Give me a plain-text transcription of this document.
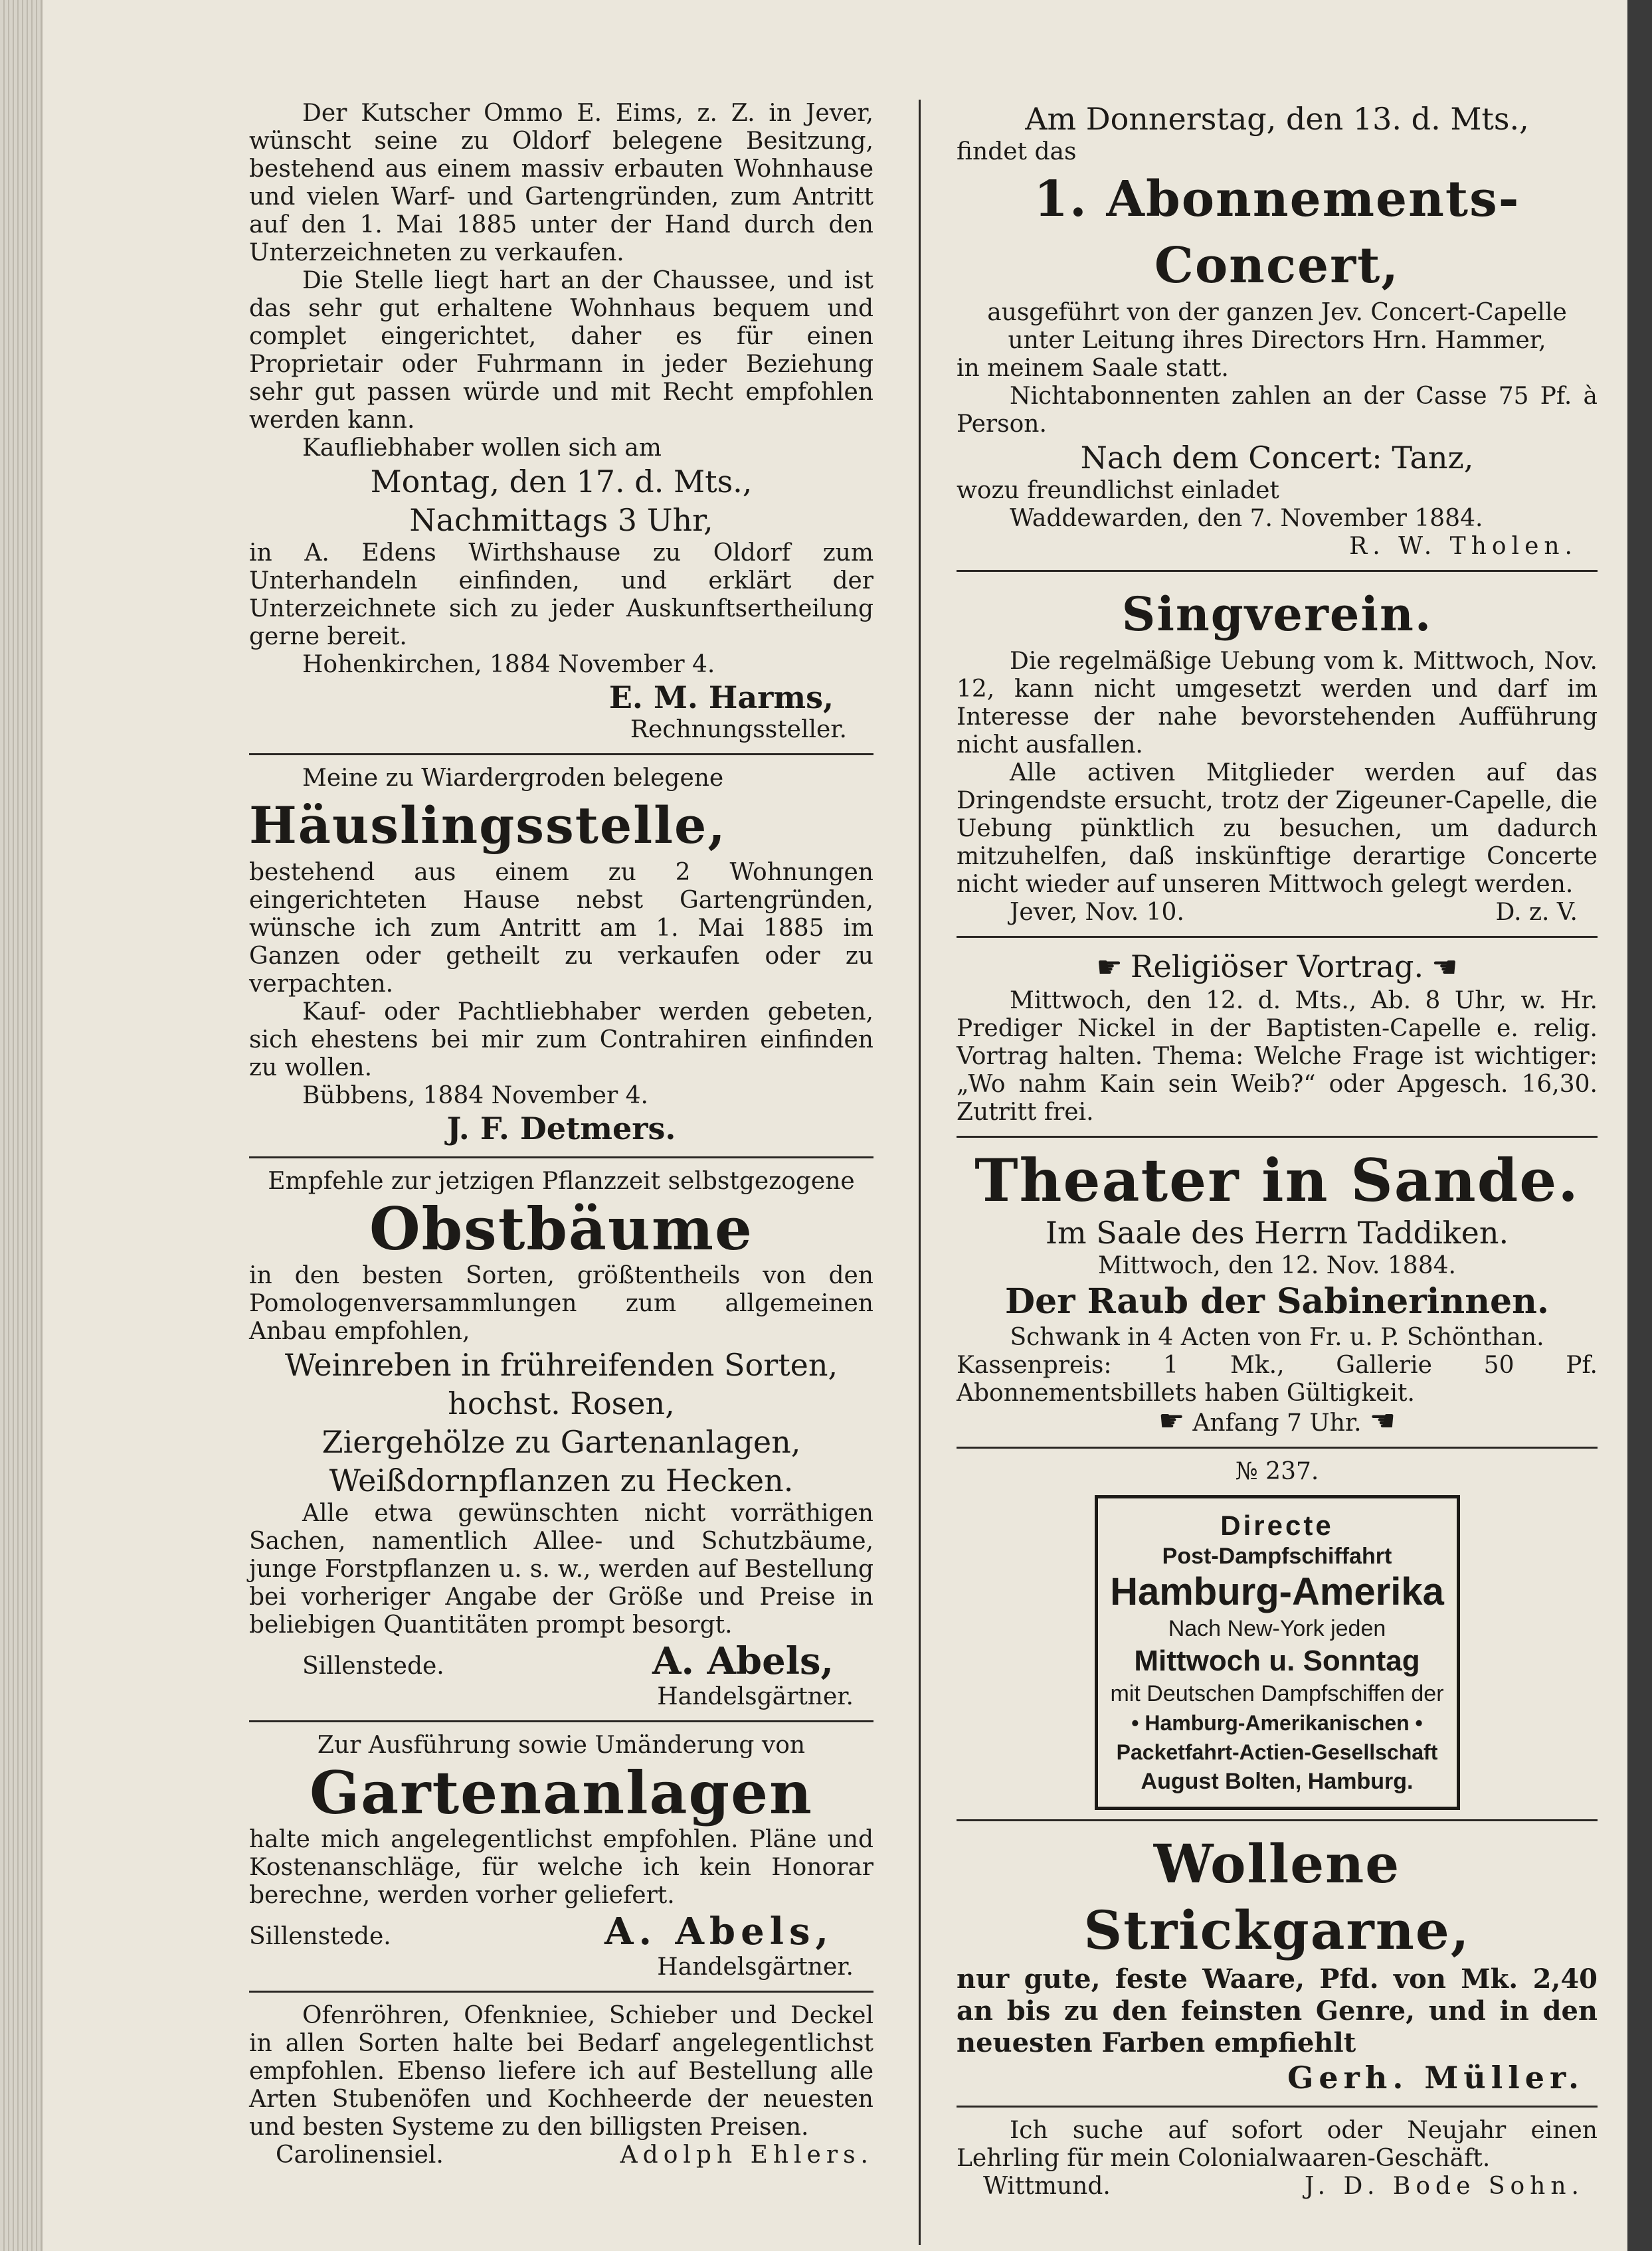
Der Kutscher Ommo E. Eims, z. Z. in Jever, wünscht seine zu Oldorf belegene Besitzung, bestehend aus einem massiv erbauten Wohnhause und vielen Warf- und Gartengründen, zum Antritt auf den 1. Mai 1885 unter der Hand durch den Unterzeichneten zu verkaufen.

Die Stelle liegt hart an der Chaussee, und ist das sehr gut erhaltene Wohnhaus bequem und complet eingerichtet, daher es für einen Proprietair oder Fuhrmann in jeder Beziehung sehr gut passen würde und mit Recht empfohlen werden kann.

Kaufliebhaber wollen sich am

Montag, den 17. d. Mts.,

Nachmittags 3 Uhr,

in A. Edens Wirthshause zu Oldorf zum Unterhandeln einfinden, und erklärt der Unterzeichnete sich zu jeder Auskunftsertheilung gerne bereit.

Hohenkirchen, 1884 November 4.

E. M. Harms,

Rechnungssteller.

Meine zu Wiardergroden belegene

Häuslingsstelle,

bestehend aus einem zu 2 Wohnungen eingerichteten Hause nebst Gartengründen, wünsche ich zum Antritt am 1. Mai 1885 im Ganzen oder getheilt zu verkaufen oder zu verpachten.

Kauf- oder Pachtliebhaber werden gebeten, sich ehestens bei mir zum Contrahiren einfinden zu wollen.

Bübbens, 1884 November 4.

J. F. Detmers.

Empfehle zur jetzigen Pflanzzeit selbstgezogene

Obstbäume

in den besten Sorten, größtentheils von den Pomologenversammlungen zum allgemeinen Anbau empfohlen,

Weinreben in frühreifenden Sorten,

hochst. Rosen,

Ziergehölze zu Gartenanlagen,

Weißdornpflanzen zu Hecken.

Alle etwa gewünschten nicht vorräthigen Sachen, namentlich Allee- und Schutzbäume, junge Forstpflanzen u. s. w., werden auf Bestellung bei vorheriger Angabe der Größe und Preise in beliebigen Quantitäten prompt besorgt.

Sillenstede.	A. Abels,

Handelsgärtner.

Zur Ausführung sowie Umänderung von

Gartenanlagen

halte mich angelegentlichst empfohlen. Pläne und Kostenanschläge, für welche ich kein Honorar berechne, werden vorher geliefert.

Sillenstede.	A. Abels,

Handelsgärtner.

Ofenröhren, Ofenkniee, Schieber und Deckel in allen Sorten halte bei Bedarf angelegentlichst empfohlen. Ebenso liefere ich auf Bestellung alle Arten Stubenöfen und Kochheerde der neuesten und besten Systeme zu den billigsten Preisen.

Carolinensiel.	Adolph Ehlers.

Am Donnerstag, den 13. d. Mts.,

findet das

1. Abonnements-Concert,

ausgeführt von der ganzen Jev. Concert-Capelle

unter Leitung ihres Directors Hrn. Hammer,

in meinem Saale statt.

Nichtabonnenten zahlen an der Casse 75 Pf. à Person.

Nach dem Concert: Tanz,

wozu freundlichst einladet

Waddewarden, den 7. November 1884.

R. W. Tholen.

Singverein.

Die regelmäßige Uebung vom k. Mittwoch, Nov. 12, kann nicht umgesetzt werden und darf im Interesse der nahe bevorstehenden Aufführung nicht ausfallen.

Alle activen Mitglieder werden auf das Dringendste ersucht, trotz der Zigeuner-Capelle, die Uebung pünktlich zu besuchen, um dadurch mitzuhelfen, daß inskünftige derartige Concerte nicht wieder auf unseren Mittwoch gelegt werden.

Jever, Nov. 10.	D. z. V.

☛ Religiöser Vortrag. ☚

Mittwoch, den 12. d. Mts., Ab. 8 Uhr, w. Hr. Prediger Nickel in der Baptisten-Capelle e. relig. Vortrag halten. Thema: Welche Frage ist wichtiger: „Wo nahm Kain sein Weib?“ oder Apgesch. 16,30. Zutritt frei.

Theater in Sande.

Im Saale des Herrn Taddiken.

Mittwoch, den 12. Nov. 1884.

Der Raub der Sabinerinnen.

Schwank in 4 Acten von Fr. u. P. Schönthan.

Kassenpreis: 1 Mk., Gallerie 50 Pf. Abonnementsbillets haben Gültigkeit.

☛ Anfang 7 Uhr. ☚

№ 237.

Directe
Post-Dampfschiffahrt
Hamburg-Amerika
Nach New-York jeden
Mittwoch u. Sonntag
mit Deutschen Dampfschiffen der
• Hamburg-Amerikanischen •
Packetfahrt-Actien-Gesellschaft
August Bolten, Hamburg.

Wollene Strickgarne,

nur gute, feste Waare, Pfd. von Mk. 2,40 an bis zu den feinsten Genre, und in den neuesten Farben empfiehlt

Gerh. Müller.

Ich suche auf sofort oder Neujahr einen Lehrling für mein Colonialwaaren-Geschäft.

Wittmund.	J. D. Bode Sohn.
